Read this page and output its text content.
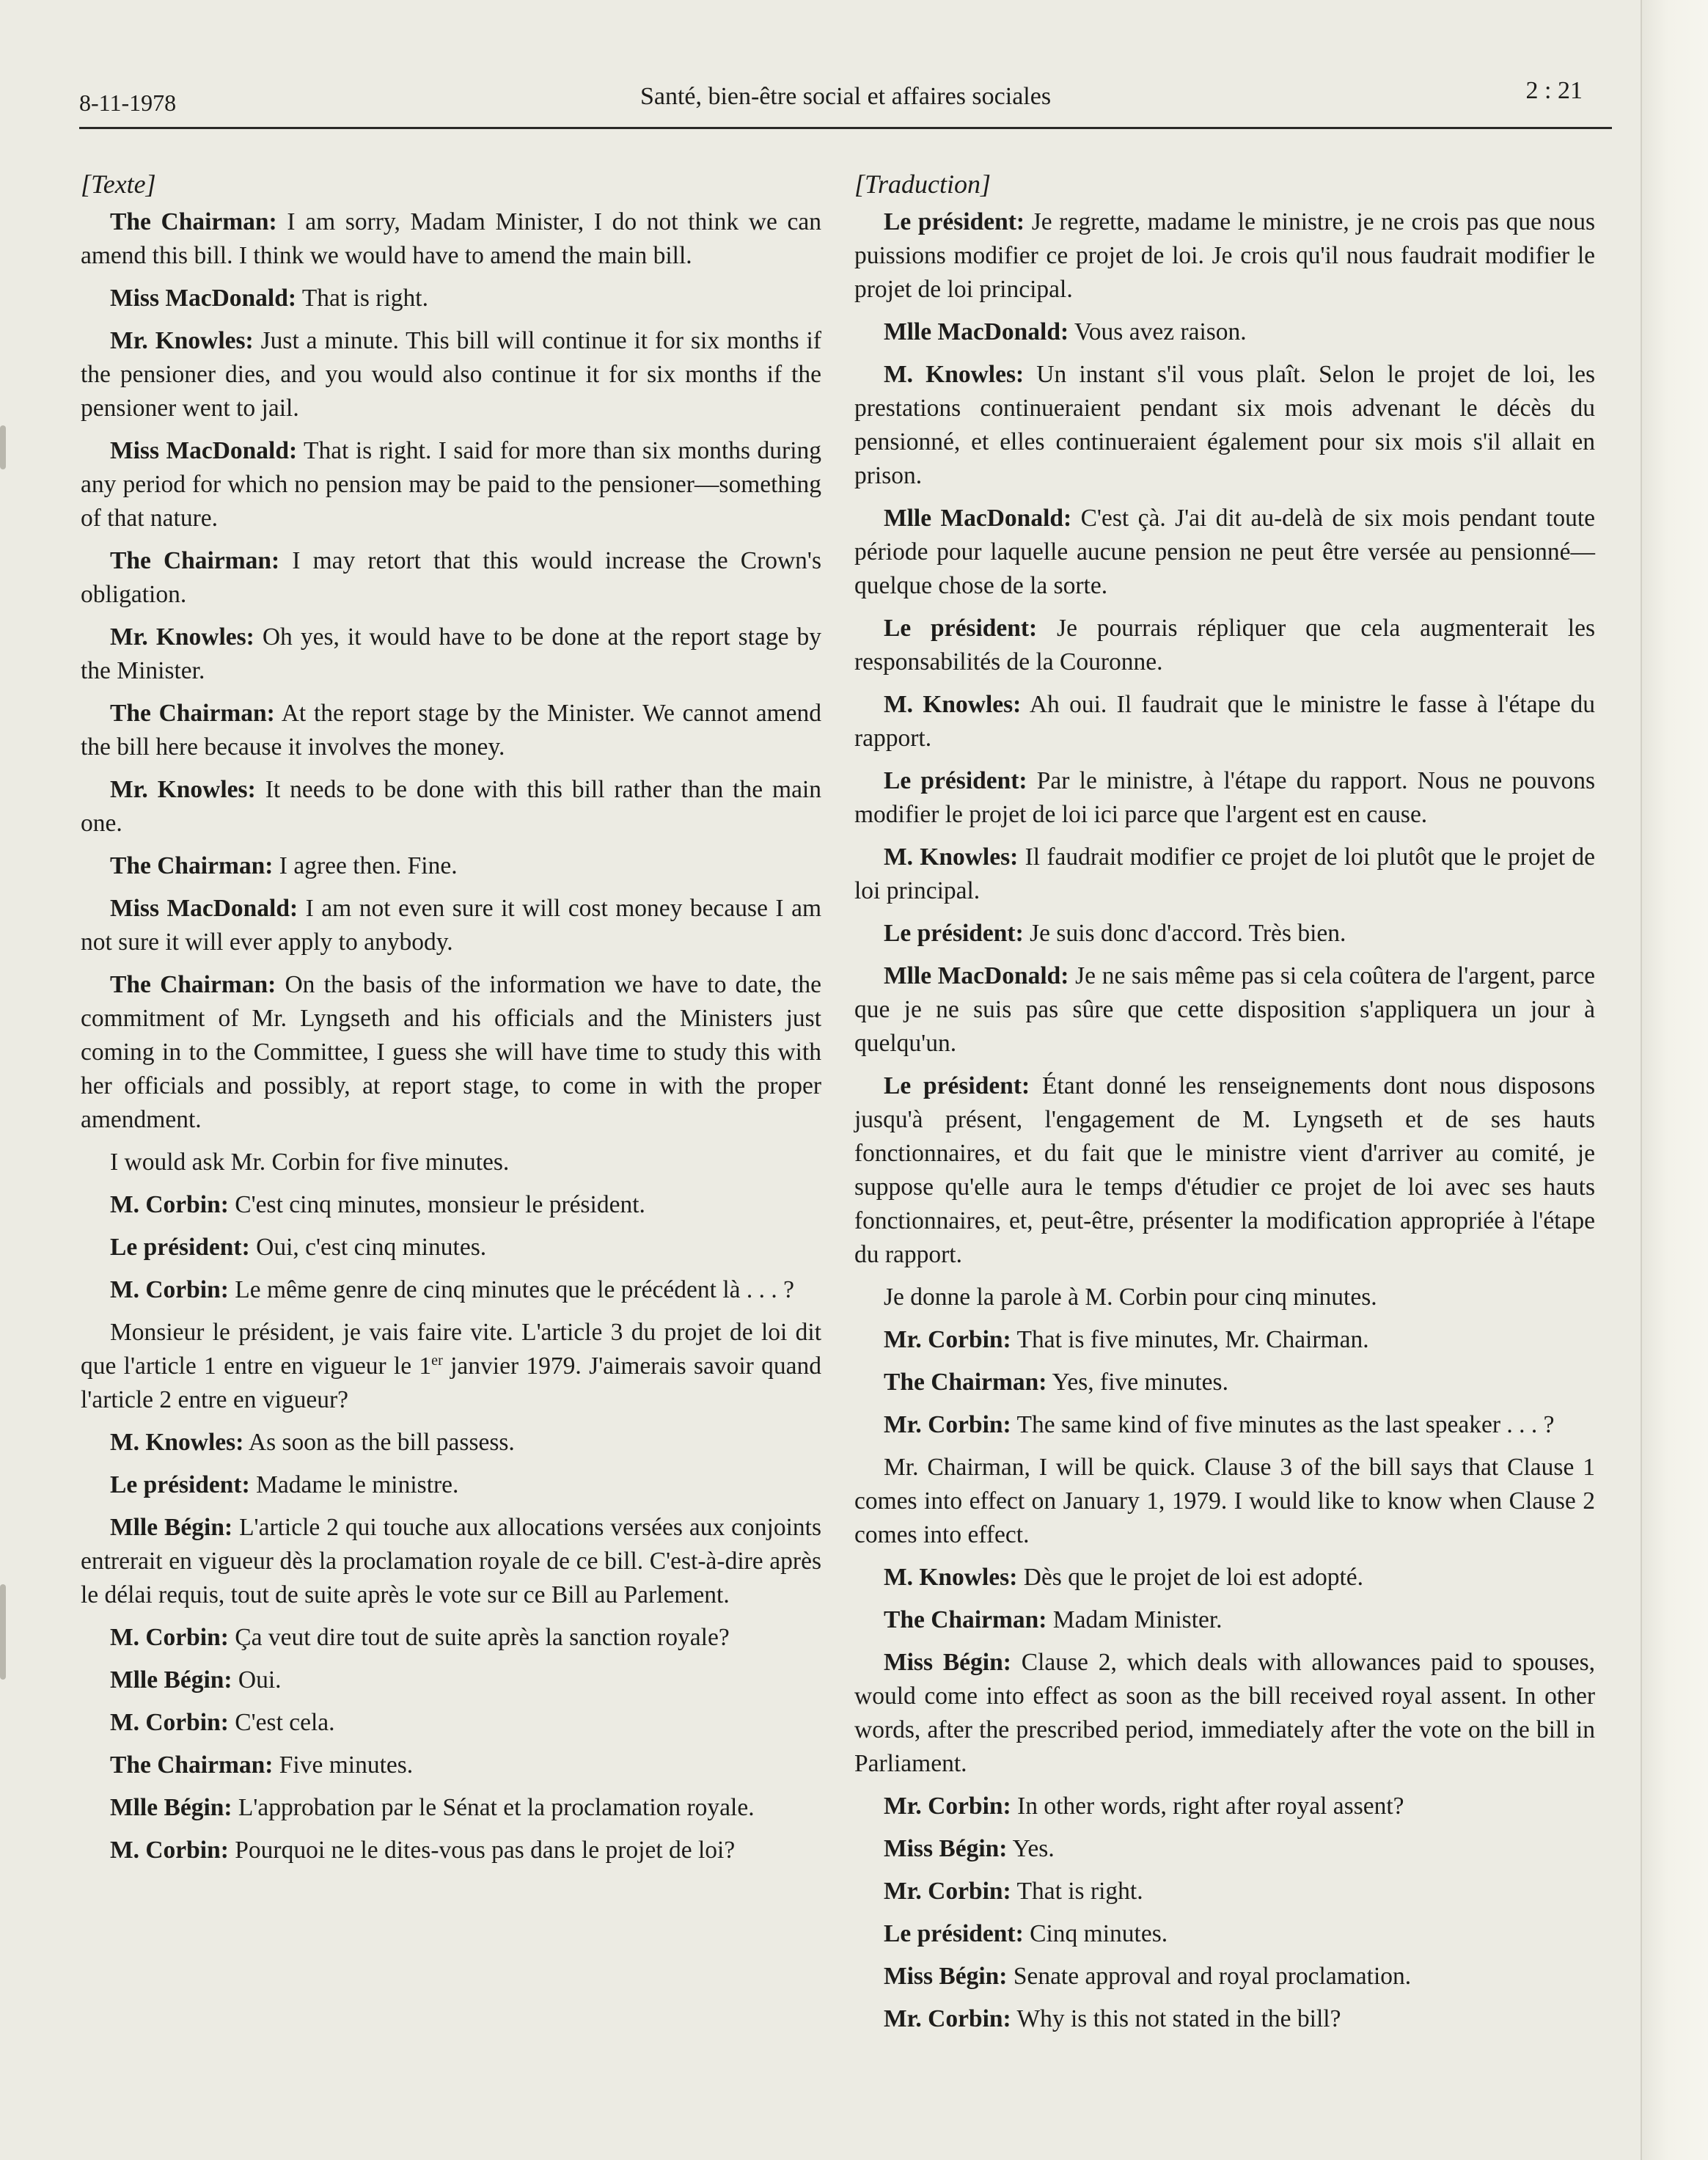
8-11-1978	Santé, bien-être social et affaires sociales	2 : 21
[Texte]

The Chairman: I am sorry, Madam Minister, I do not think we can amend this bill. I think we would have to amend the main bill.

Miss MacDonald: That is right.

Mr. Knowles: Just a minute. This bill will continue it for six months if the pensioner dies, and you would also continue it for six months if the pensioner went to jail.

Miss MacDonald: That is right. I said for more than six months during any period for which no pension may be paid to the pensioner—something of that nature.

The Chairman: I may retort that this would increase the Crown's obligation.

Mr. Knowles: Oh yes, it would have to be done at the report stage by the Minister.

The Chairman: At the report stage by the Minister. We cannot amend the bill here because it involves the money.

Mr. Knowles: It needs to be done with this bill rather than the main one.

The Chairman: I agree then. Fine.

Miss MacDonald: I am not even sure it will cost money because I am not sure it will ever apply to anybody.

The Chairman: On the basis of the information we have to date, the commitment of Mr. Lyngseth and his officials and the Ministers just coming in to the Committee, I guess she will have time to study this with her officials and possibly, at report stage, to come in with the proper amendment.

I would ask Mr. Corbin for five minutes.

M. Corbin: C'est cinq minutes, monsieur le président.

Le président: Oui, c'est cinq minutes.

M. Corbin: Le même genre de cinq minutes que le précédent là . . . ?

Monsieur le président, je vais faire vite. L'article 3 du projet de loi dit que l'article 1 entre en vigueur le 1er janvier 1979. J'aimerais savoir quand l'article 2 entre en vigueur?

M. Knowles: As soon as the bill passess.

Le président: Madame le ministre.

Mlle Bégin: L'article 2 qui touche aux allocations versées aux conjoints entrerait en vigueur dès la proclamation royale de ce bill. C'est-à-dire après le délai requis, tout de suite après le vote sur ce Bill au Parlement.

M. Corbin: Ça veut dire tout de suite après la sanction royale?

Mlle Bégin: Oui.

M. Corbin: C'est cela.

The Chairman: Five minutes.

Mlle Bégin: L'approbation par le Sénat et la proclamation royale.

M. Corbin: Pourquoi ne le dites-vous pas dans le projet de loi?

[Traduction]

Le président: Je regrette, madame le ministre, je ne crois pas que nous puissions modifier ce projet de loi. Je crois qu'il nous faudrait modifier le projet de loi principal.

Mlle MacDonald: Vous avez raison.

M. Knowles: Un instant s'il vous plaît. Selon le projet de loi, les prestations continueraient pendant six mois advenant le décès du pensionné, et elles continueraient également pour six mois s'il allait en prison.

Mlle MacDonald: C'est çà. J'ai dit au-delà de six mois pendant toute période pour laquelle aucune pension ne peut être versée au pensionné—quelque chose de la sorte.

Le président: Je pourrais répliquer que cela augmenterait les responsabilités de la Couronne.

M. Knowles: Ah oui. Il faudrait que le ministre le fasse à l'étape du rapport.

Le président: Par le ministre, à l'étape du rapport. Nous ne pouvons modifier le projet de loi ici parce que l'argent est en cause.

M. Knowles: Il faudrait modifier ce projet de loi plutôt que le projet de loi principal.

Le président: Je suis donc d'accord. Très bien.

Mlle MacDonald: Je ne sais même pas si cela coûtera de l'argent, parce que je ne suis pas sûre que cette disposition s'appliquera un jour à quelqu'un.

Le président: Étant donné les renseignements dont nous disposons jusqu'à présent, l'engagement de M. Lyngseth et de ses hauts fonctionnaires, et du fait que le ministre vient d'arriver au comité, je suppose qu'elle aura le temps d'étudier ce projet de loi avec ses hauts fonctionnaires, et, peut-être, présenter la modification appropriée à l'étape du rapport.

Je donne la parole à M. Corbin pour cinq minutes.

Mr. Corbin: That is five minutes, Mr. Chairman.

The Chairman: Yes, five minutes.

Mr. Corbin: The same kind of five minutes as the last speaker . . . ?

Mr. Chairman, I will be quick. Clause 3 of the bill says that Clause 1 comes into effect on January 1, 1979. I would like to know when Clause 2 comes into effect.

M. Knowles: Dès que le projet de loi est adopté.

The Chairman: Madam Minister.

Miss Bégin: Clause 2, which deals with allowances paid to spouses, would come into effect as soon as the bill received royal assent. In other words, after the prescribed period, immediately after the vote on the bill in Parliament.

Mr. Corbin: In other words, right after royal assent?

Miss Bégin: Yes.

Mr. Corbin: That is right.

Le président: Cinq minutes.

Miss Bégin: Senate approval and royal proclamation.

Mr. Corbin: Why is this not stated in the bill?
